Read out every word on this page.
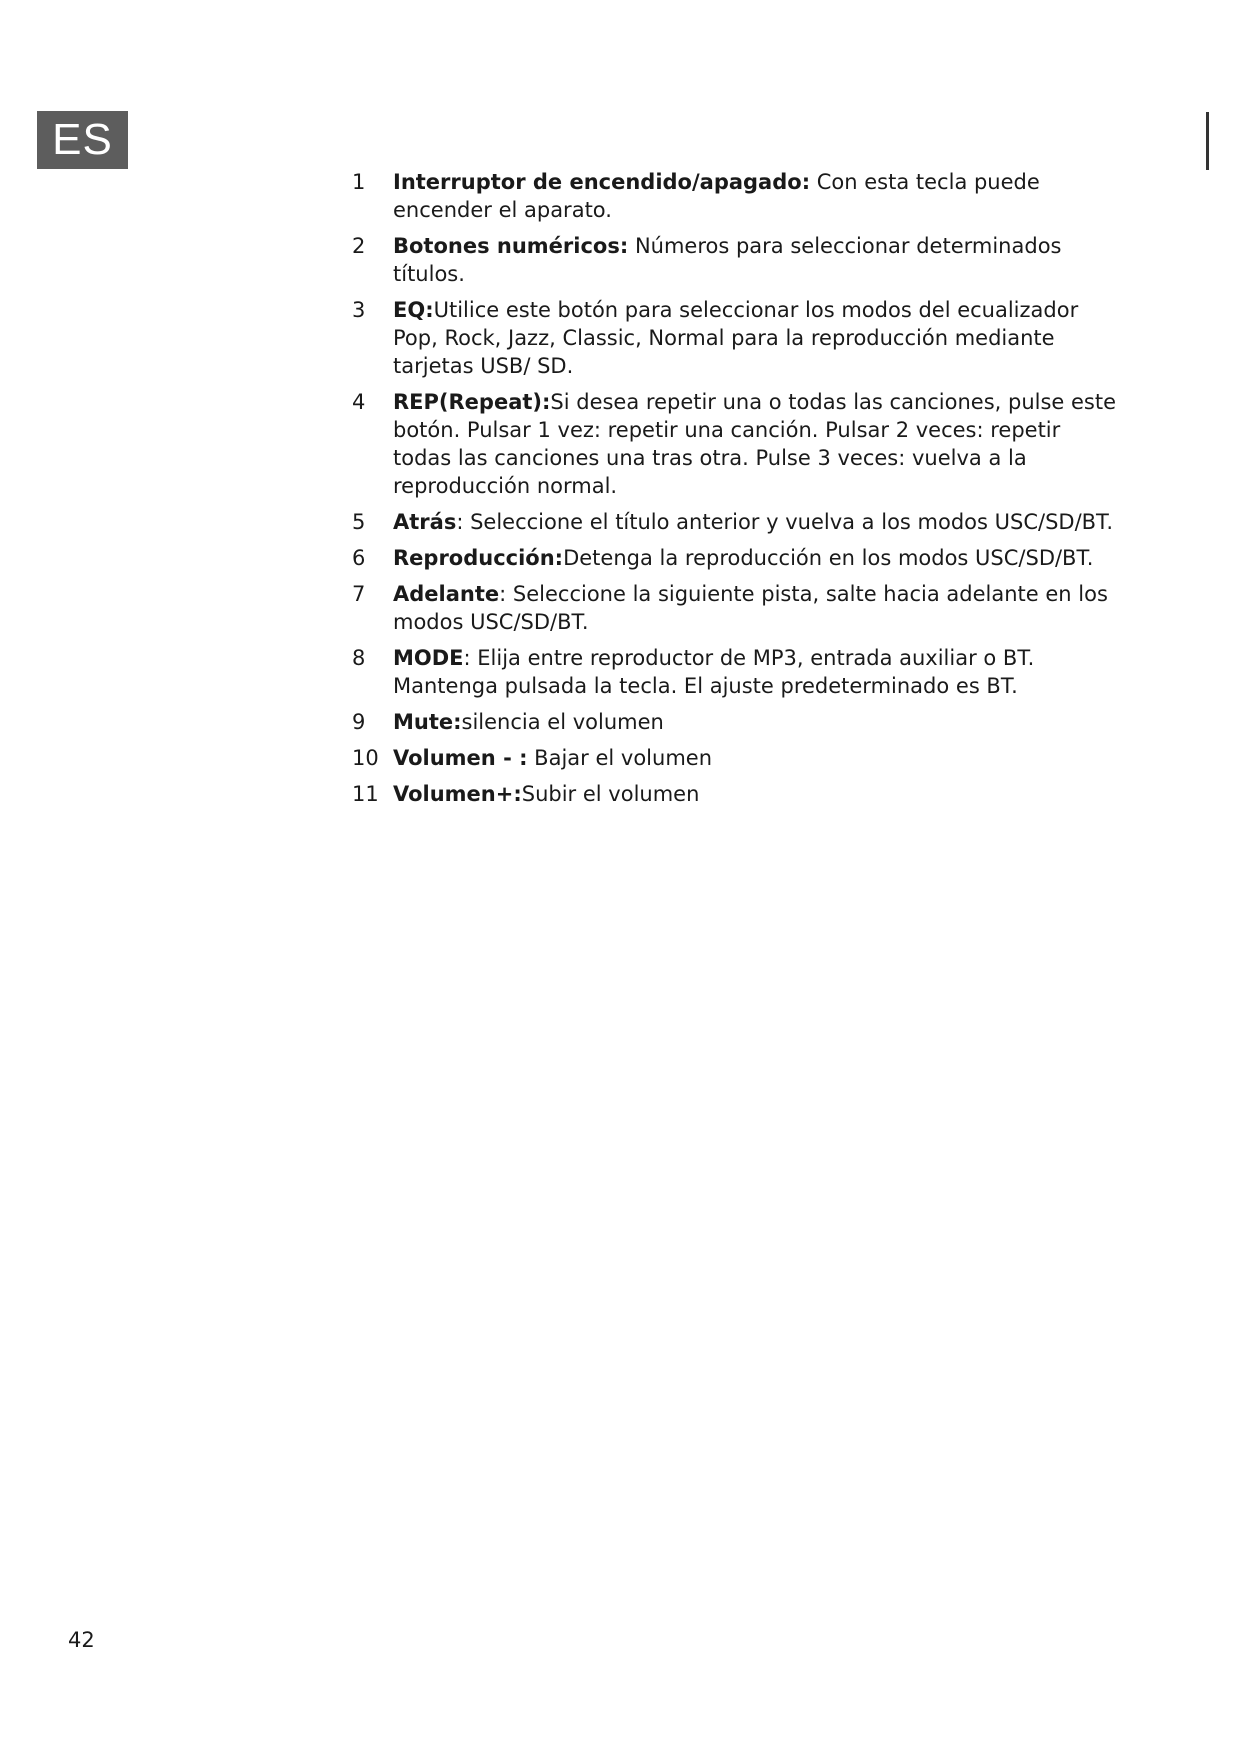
ES
1 Interruptor de encendido/apagado: Con esta tecla puede encender el aparato.
2 Botones numéricos: Números para seleccionar determinados títulos.
3 EQ:Utilice este botón para seleccionar los modos del ecualizador Pop, Rock, Jazz, Classic, Normal para la reproducción mediante tarjetas USB/ SD.
4 REP(Repeat):Si desea repetir una o todas las canciones, pulse este botón. Pulsar 1 vez: repetir una canción. Pulsar 2 veces: repetir todas las canciones una tras otra. Pulse 3 veces: vuelva a la reproducción normal.
5 Atrás: Seleccione el título anterior y vuelva a los modos USC/SD/BT.
6 Reproducción:Detenga la reproducción en los modos USC/SD/BT.
7 Adelante: Seleccione la siguiente pista, salte hacia adelante en los modos USC/SD/BT.
8 MODE: Elija entre reproductor de MP3, entrada auxiliar o BT. Mantenga pulsada la tecla. El ajuste predeterminado es BT.
9 Mute:silencia el volumen
10 Volumen - : Bajar el volumen
11 Volumen+:Subir el volumen
42
